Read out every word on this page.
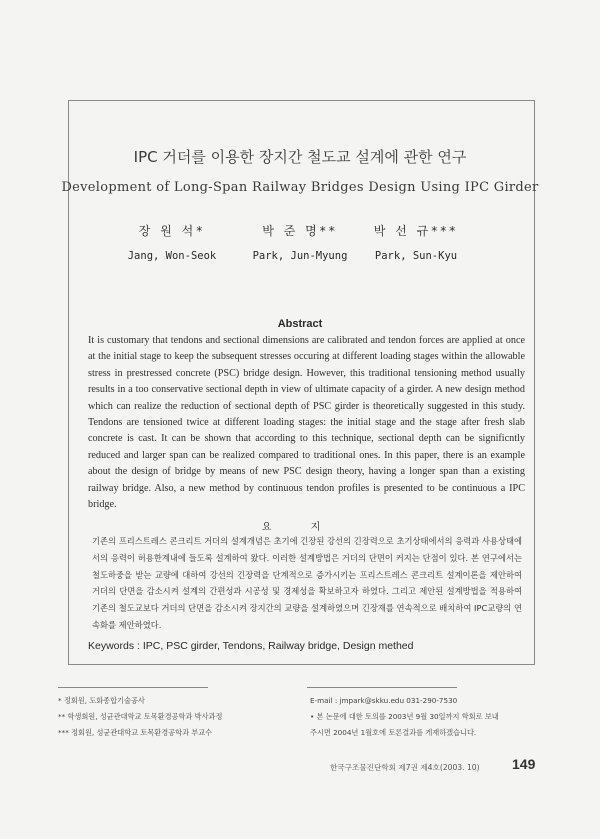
IPC 거더를 이용한 장지간 철도교 설계에 관한 연구
Development of Long-Span Railway Bridges Design Using IPC Girder
장 원 석*
Jang, Won-Seok
박 준 명**
Park, Jun-Myung
박 선 규***
Park, Sun-Kyu
Abstract
It is customary that tendons and sectional dimensions are calibrated and tendon forces are applied at once at the initial stage to keep the subsequent stresses occuring at different loading stages within the allowable stress in prestressed concrete (PSC) bridge design. However, this traditional tensioning method usually results in a too conservative sectional depth in view of ultimate capacity of a girder. A new design method which can realize the reduction of sectional depth of PSC girder is theoretically suggested in this study. Tendons are tensioned twice at different loading stages: the initial stage and the stage after fresh slab concrete is cast. It can be shown that according to this technique, sectional depth can be significntly reduced and larger span can be realized compared to traditional ones. In this paper, there is an example about the design of bridge by means of new PSC design theory, having a longer span than a existing railway bridge. Also, a new method by continuous tendon profiles is presented to be continuous a IPC bridge.
요 지
기존의 프리스트레스 콘크리트 거더의 설계개념은 초기에 긴장된 강선의 긴장력으로 초기상태에서의 응력과 사용상태에서의 응력이 허용한계내에 들도록 설계하여 왔다. 이러한 설계방법은 거더의 단면이 커지는 단점이 있다. 본 연구에서는 철도하중을 받는 교량에 대하여 강선의 긴장력을 단계적으로 증가시키는 프리스트레스 콘크리트 설계이론을 제안하여 거더의 단면을 감소시켜 설계의 간편성과 시공성 및 경제성을 확보하고자 하였다. 그리고 제안된 설계방법을 적용하여 기존의 철도교보다 거더의 단면을 감소시켜 장지간의 교량을 설계하였으며 긴장재를 연속적으로 배치하여 IPC교량의 연속화를 제안하였다.
Keywords : IPC, PSC girder, Tendons, Railway bridge, Design methed
* 정회원, 도화종합기술공사
** 학생회원, 성균관대학교 토목환경공학과 박사과정
*** 정회원, 성균관대학교 토목환경공학과 부교수
E-mail : jmpark@skku.edu 031-290-7530
• 본 논문에 대한 토의를 2003년 9월 30일까지 학회로 보내
주시면 2004년 1월호에 토론결과를 게재하겠습니다.
한국구조물진단학회 제7권 제4호(2003. 10)	149
